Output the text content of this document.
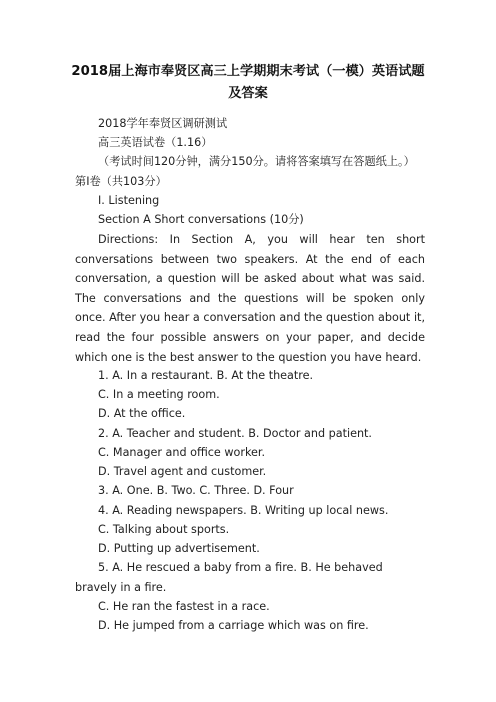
2018届上海市奉贤区高三上学期期末考试（一模）英语试题
及答案
2018学年奉贤区调研测试
高三英语试卷（1.16）
（考试时间120分钟，满分150分。请将答案填写在答题纸上。）
第I卷（共103分）
I. Listening
Section A Short conversations (10分)
Directions: In Section A, you will hear ten short conversations between two speakers. At the end of each conversation, a question will be asked about what was said. The conversations and the questions will be spoken only once. After you hear a conversation and the question about it, read the four possible answers on your paper, and decide which one is the best answer to the question you have heard.
1. A. In a restaurant. B. At the theatre.
C. In a meeting room.
D. At the office.
2. A. Teacher and student. B. Doctor and patient.
C. Manager and office worker.
D. Travel agent and customer.
3. A. One. B. Two. C. Three. D. Four
4. A. Reading newspapers. B. Writing up local news.
C. Talking about sports.
D. Putting up advertisement.
5. A. He rescued a baby from a fire. B. He behaved bravely in a fire.
C. He ran the fastest in a race.
D. He jumped from a carriage which was on fire.
